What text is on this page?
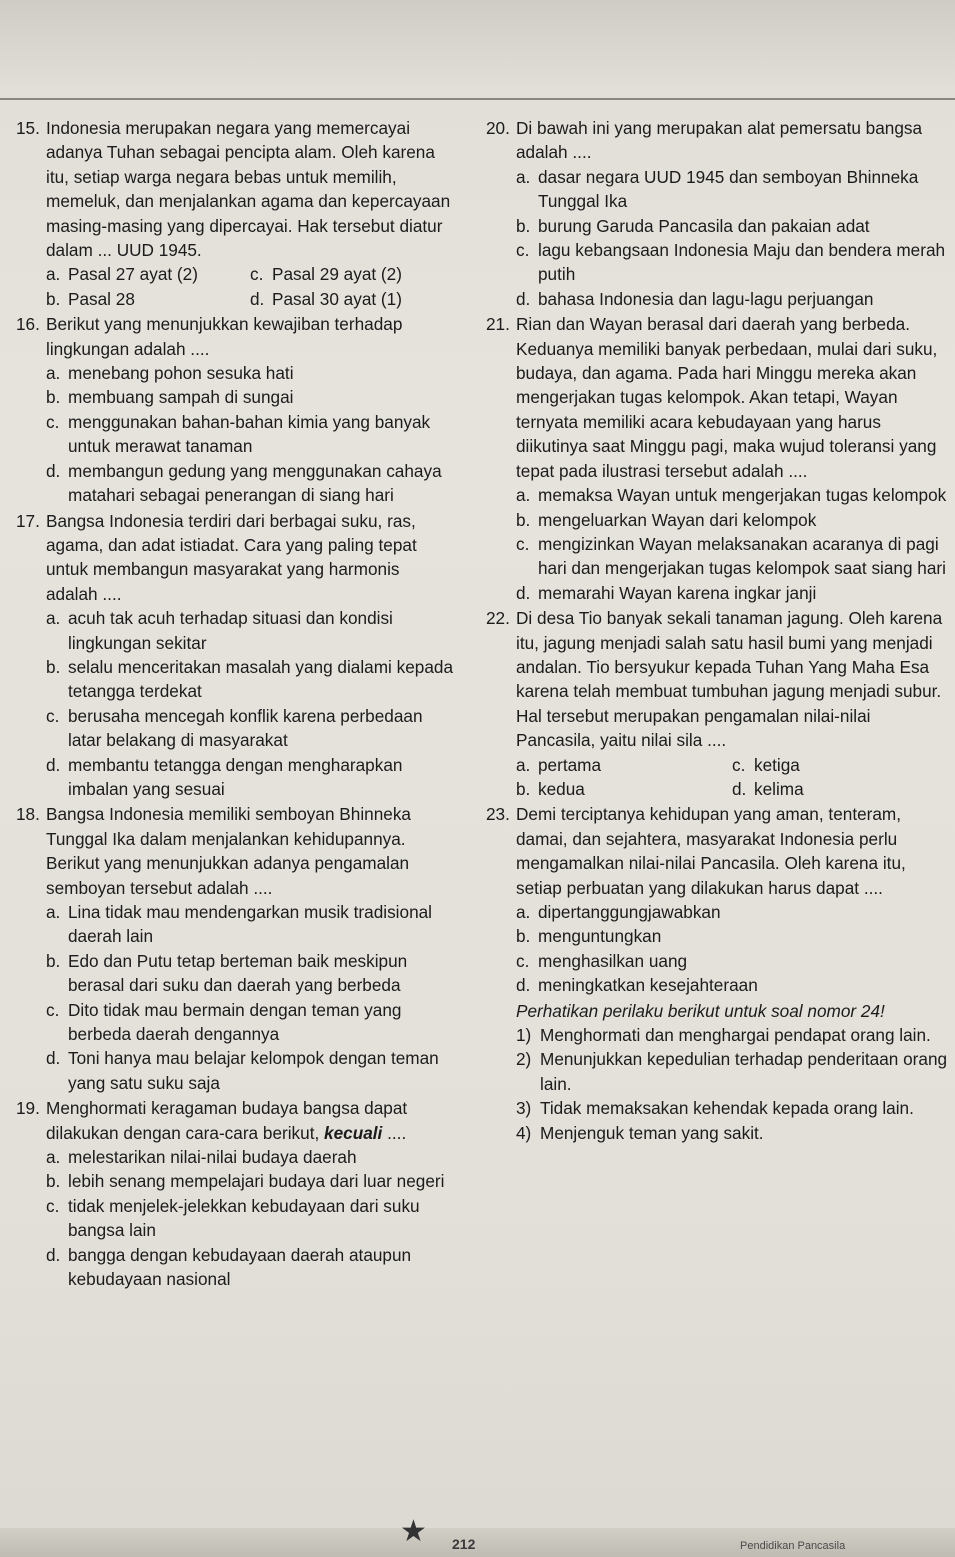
15. Indonesia merupakan negara yang memercayai adanya Tuhan sebagai pencipta alam. Oleh karena itu, setiap warga negara bebas untuk memilih, memeluk, dan menjalankan agama dan kepercayaan masing-masing yang dipercayai. Hak tersebut diatur dalam ... UUD 1945.
a. Pasal 27 ayat (2)	c. Pasal 29 ayat (2)
b. Pasal 28	d. Pasal 30 ayat (1)
16. Berikut yang menunjukkan kewajiban terhadap lingkungan adalah ....
a. menebang pohon sesuka hati
b. membuang sampah di sungai
c. menggunakan bahan-bahan kimia yang banyak untuk merawat tanaman
d. membangun gedung yang menggunakan cahaya matahari sebagai penerangan di siang hari
17. Bangsa Indonesia terdiri dari berbagai suku, ras, agama, dan adat istiadat. Cara yang paling tepat untuk membangun masyarakat yang harmonis adalah ....
a. acuh tak acuh terhadap situasi dan kondisi lingkungan sekitar
b. selalu menceritakan masalah yang dialami kepada tetangga terdekat
c. berusaha mencegah konflik karena perbedaan latar belakang di masyarakat
d. membantu tetangga dengan mengharapkan imbalan yang sesuai
18. Bangsa Indonesia memiliki semboyan Bhinneka Tunggal Ika dalam menjalankan kehidupannya. Berikut yang menunjukkan adanya pengamalan semboyan tersebut adalah ....
a. Lina tidak mau mendengarkan musik tradisional daerah lain
b. Edo dan Putu tetap berteman baik meskipun berasal dari suku dan daerah yang berbeda
c. Dito tidak mau bermain dengan teman yang berbeda daerah dengannya
d. Toni hanya mau belajar kelompok dengan teman yang satu suku saja
19. Menghormati keragaman budaya bangsa dapat dilakukan dengan cara-cara berikut, kecuali ....
a. melestarikan nilai-nilai budaya daerah
b. lebih senang mempelajari budaya dari luar negeri
c. tidak menjelek-jelekkan kebudayaan dari suku bangsa lain
d. bangga dengan kebudayaan daerah ataupun kebudayaan nasional
20. Di bawah ini yang merupakan alat pemersatu bangsa adalah ....
a. dasar negara UUD 1945 dan semboyan Bhinneka Tunggal Ika
b. burung Garuda Pancasila dan pakaian adat
c. lagu kebangsaan Indonesia Maju dan bendera merah putih
d. bahasa Indonesia dan lagu-lagu perjuangan
21. Rian dan Wayan berasal dari daerah yang berbeda. Keduanya memiliki banyak perbedaan, mulai dari suku, budaya, dan agama. Pada hari Minggu mereka akan mengerjakan tugas kelompok. Akan tetapi, Wayan ternyata memiliki acara kebudayaan yang harus diikutinya saat Minggu pagi, maka wujud toleransi yang tepat pada ilustrasi tersebut adalah ....
a. memaksa Wayan untuk mengerjakan tugas kelompok
b. mengeluarkan Wayan dari kelompok
c. mengizinkan Wayan melaksanakan acaranya di pagi hari dan mengerjakan tugas kelompok saat siang hari
d. memarahi Wayan karena ingkar janji
22. Di desa Tio banyak sekali tanaman jagung. Oleh karena itu, jagung menjadi salah satu hasil bumi yang menjadi andalan. Tio bersyukur kepada Tuhan Yang Maha Esa karena telah membuat tumbuhan jagung menjadi subur. Hal tersebut merupakan pengamalan nilai-nilai Pancasila, yaitu nilai sila ....
a. pertama	c. ketiga
b. kedua	d. kelima
23. Demi terciptanya kehidupan yang aman, tenteram, damai, dan sejahtera, masyarakat Indonesia perlu mengamalkan nilai-nilai Pancasila. Oleh karena itu, setiap perbuatan yang dilakukan harus dapat ....
a. dipertanggungjawabkan
b. menguntungkan
c. menghasilkan uang
d. meningkatkan kesejahteraan
Perhatikan perilaku berikut untuk soal nomor 24!
1) Menghormati dan menghargai pendapat orang lain.
2) Menunjukkan kepedulian terhadap penderitaan orang lain.
3) Tidak memaksakan kehendak kepada orang lain.
4) Menjenguk teman yang sakit.
★ 212	Pendidikan Pancasila
